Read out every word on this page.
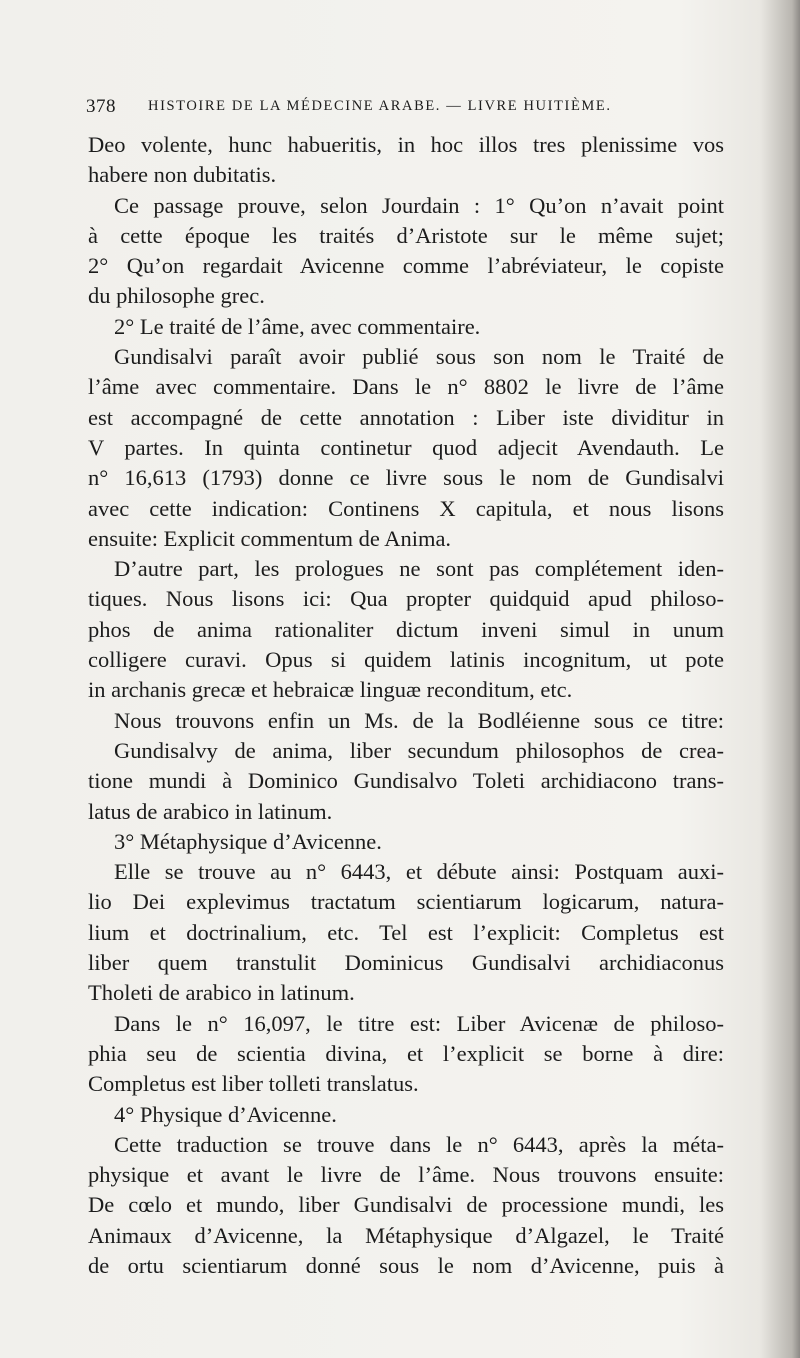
378 HISTOIRE DE LA MÉDECINE ARABE. — LIVRE HUITIÈME.
Deo volente, hunc habueritis, in hoc illos tres plenissime vos
habere non dubitatis.
Ce passage prouve, selon Jourdain : 1° Qu’on n’avait point
à cette époque les traités d’Aristote sur le même sujet;
2° Qu’on regardait Avicenne comme l’abréviateur, le copiste
du philosophe grec.
2° Le traité de l’âme, avec commentaire.
Gundisalvi paraît avoir publié sous son nom le Traité de
l’âme avec commentaire. Dans le n° 8802 le livre de l’âme
est accompagné de cette annotation : Liber iste dividitur in
V partes. In quinta continetur quod adjecit Avendauth. Le
n° 16,613 (1793) donne ce livre sous le nom de Gundisalvi
avec cette indication: Continens X capitula, et nous lisons
ensuite: Explicit commentum de Anima.
D’autre part, les prologues ne sont pas complétement iden-
tiques. Nous lisons ici: Qua propter quidquid apud philoso-
phos de anima rationaliter dictum inveni simul in unum
colligere curavi. Opus si quidem latinis incognitum, ut pote
in archanis grecæ et hebraicæ linguæ reconditum, etc.
Nous trouvons enfin un Ms. de la Bodléienne sous ce titre:
Gundisalvy de anima, liber secundum philosophos de crea-
tione mundi à Dominico Gundisalvo Toleti archidiacono trans-
latus de arabico in latinum.
3° Métaphysique d’Avicenne.
Elle se trouve au n° 6443, et débute ainsi: Postquam auxi-
lio Dei explevimus tractatum scientiarum logicarum, natura-
lium et doctrinalium, etc. Tel est l’explicit: Completus est
liber quem transtulit Dominicus Gundisalvi archidiaconus
Tholeti de arabico in latinum.
Dans le n° 16,097, le titre est: Liber Avicenæ de philoso-
phia seu de scientia divina, et l’explicit se borne à dire:
Completus est liber tolleti translatus.
4° Physique d’Avicenne.
Cette traduction se trouve dans le n° 6443, après la méta-
physique et avant le livre de l’âme. Nous trouvons ensuite:
De cœlo et mundo, liber Gundisalvi de processione mundi, les
Animaux d’Avicenne, la Métaphysique d’Algazel, le Traité
de ortu scientiarum donné sous le nom d’Avicenne, puis à
